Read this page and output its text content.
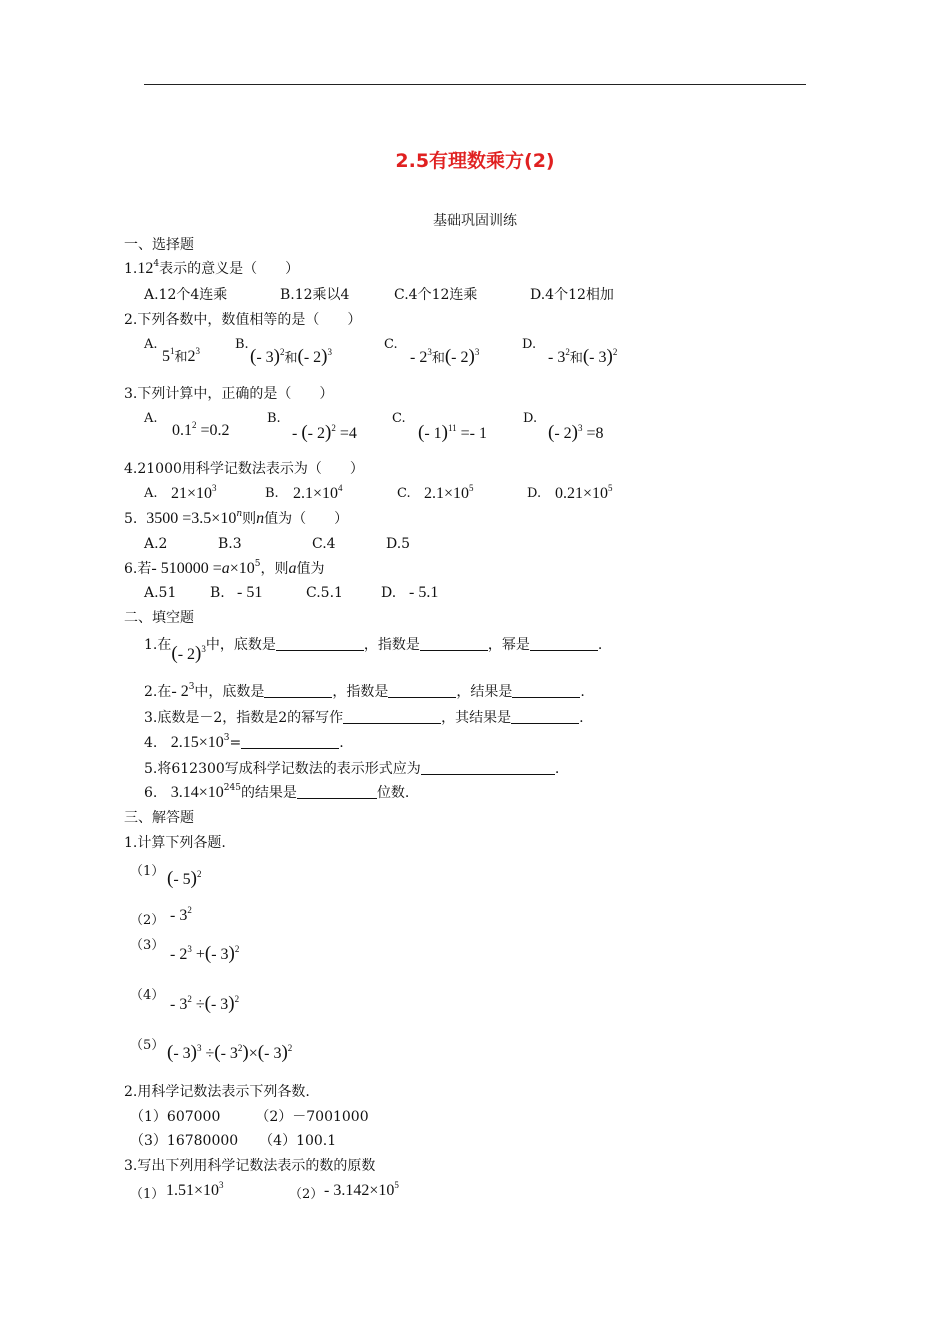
2.5有理数乘方(2)
基础巩固训练
一、选择题
1.12$^4$表示的意义是（　　）
A.12个4连乘	B.12乘以4	C.4个12连乘	D.4个12相加
2.下列各数中，数值相等的是（　　）
A.
$5^1$和$2^3$	B.
(- 3)$^2$和(- 2)$^3$	C.
- $2^3$和(- 2)$^3$	D.
- $3^2$和(- 3)$^2$
3.下列计算中，正确的是（　　）
A.
$0.1^2 =0.2$
B.
- (- 2)$^2$ =4
C.
(- 1)$^{11}$ =- 1
D.
(- 2)$^3$ =8
4.21000用科学记数法表示为（　　）
A. $21\times 10^3$	B. $2.1\times 10^4$	C. $2.1\times 10^5$	D. $0.21\times 10^5$
5. $3500 =3.5\times 10^n$则n值为（　　）
A.2	B.3	C.4	D.5
6.若- $510000 =a\times 10^5$，则a值为
A.51 B. - 51	C.5.1	D. - 5.1
二、填空题
1.在(- 2)$^3$中，底数是	，指数是	，幂是	.
2.在- $2^3$中，底数是	，指数是	，结果是	.
3.底数是－2，指数是2的幂写作	，其结果是	.
4. $2.15\times 10^3=$	.
5.将612300写成科学记数法的表示形式应为	.
6. $3.14\times 10^{245}$的结果是	位数.
三、解答题
1.计算下列各题.
（1） (- 5)$^2$
$(2) - 3^2$
（3）
- $2^3$ +(- 3)$^2$
（4）
- $3^2$ ÷(- 3)$^2$
（5） (- 3)$^3$ ÷(- $3^2)\times(-$ 3)$^2$
2.用科学记数法表示下列各数.
（1）607000　　　（2）－7001000
（3）16780000　　（4）100.1
3.写出下列用科学记数法表示的数的原数
（1） $1.51\times 10^3$
$(2) - 3.142\times 10^5$
